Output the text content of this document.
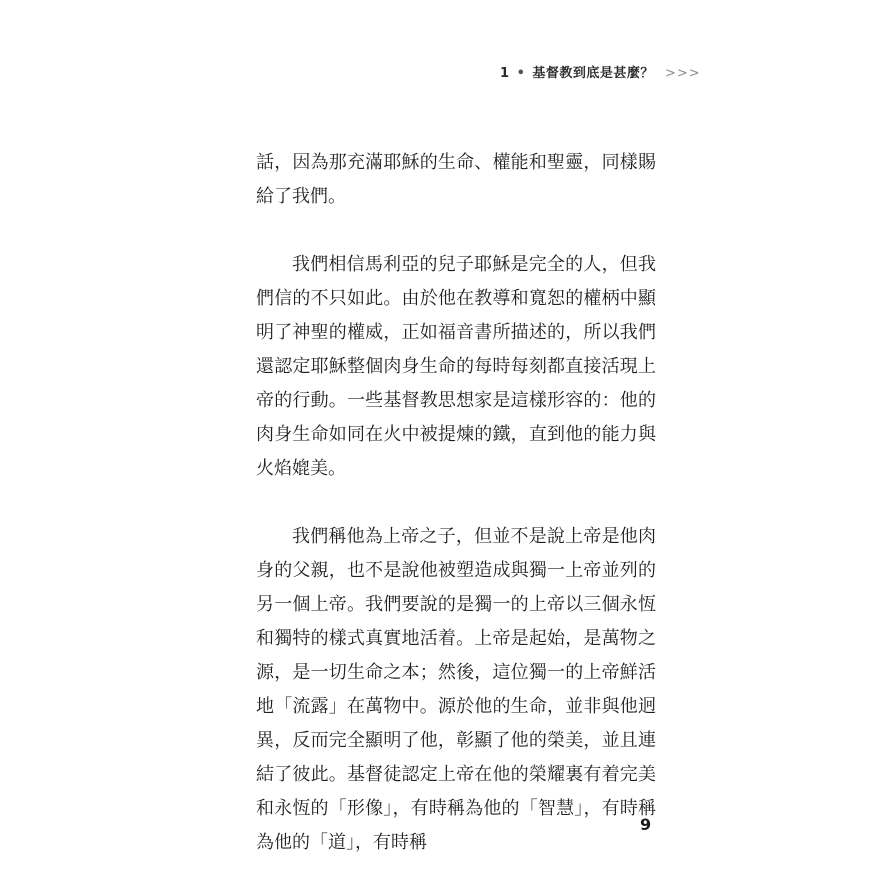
1 • 基督教到底是甚麼？ >>>

話，因為那充滿耶穌的生命、權能和聖靈，同樣賜給了我們。

我們相信馬利亞的兒子耶穌是完全的人，但我們信的不只如此。由於他在教導和寬恕的權柄中顯明了神聖的權威，正如福音書所描述的，所以我們還認定耶穌整個肉身生命的每時每刻都直接活現上帝的行動。一些基督教思想家是這樣形容的：他的肉身生命如同在火中被提煉的鐵，直到他的能力與火焰媲美。

我們稱他為上帝之子，但並不是說上帝是他肉身的父親，也不是說他被塑造成與獨一上帝並列的另一個上帝。我們要說的是獨一的上帝以三個永恆和獨特的樣式真實地活着。上帝是起始，是萬物之源，是一切生命之本；然後，這位獨一的上帝鮮活地「流露」在萬物中。源於他的生命，並非與他迥異，反而完全顯明了他，彰顯了他的榮美，並且連結了彼此。基督徒認定上帝在他的榮耀裏有着完美和永恆的「形像」，有時稱為他的「智慧」，有時稱為他的「道」，有時稱

9
